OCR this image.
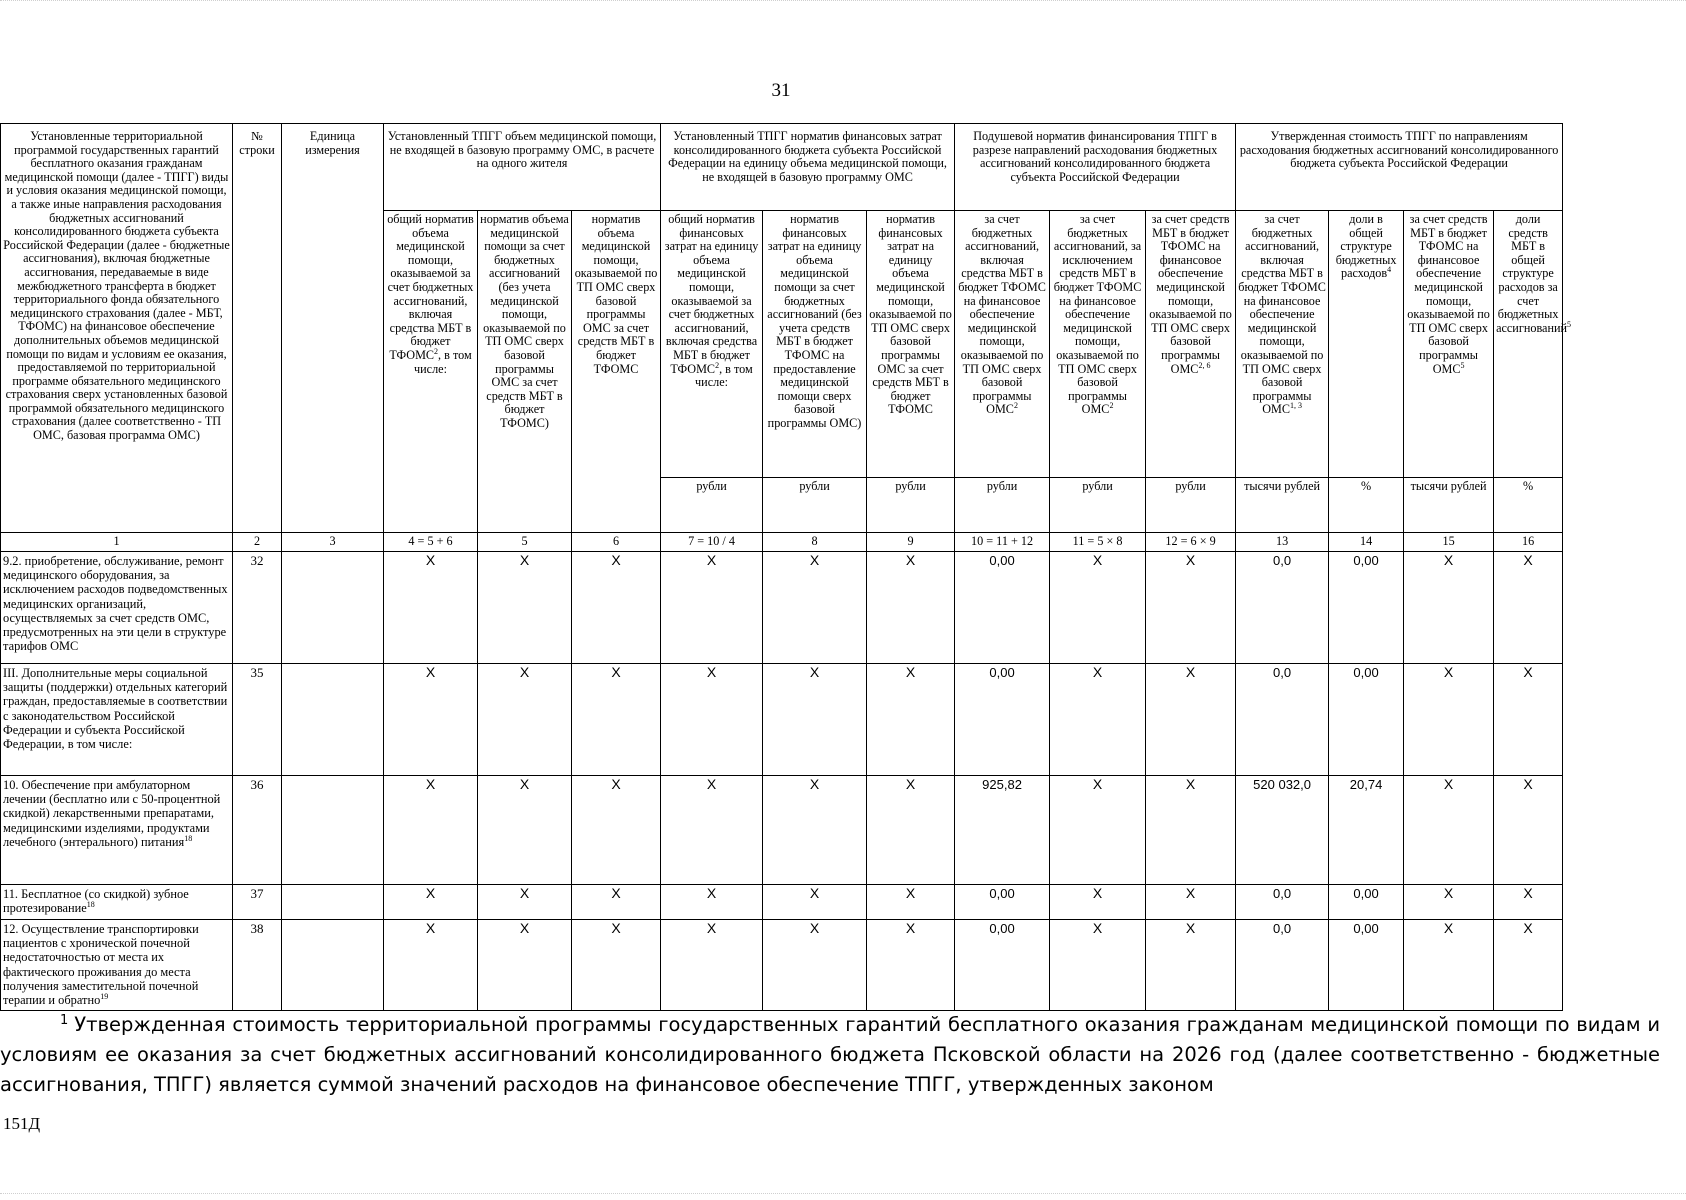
31
Установленные территориальной программой государственных гарантий бесплатного оказания гражданам медицинской помощи (далее - ТПГГ) виды и условия оказания медицинской помощи, а также иные направления расходования бюджетных ассигнований консолидированного бюджета субъекта Российской Федерации (далее - бюджетные ассигнования), включая бюджетные ассигнования, передаваемые в виде межбюджетного трансферта в бюджет территориального фонда обязательного медицинского страхования (далее - МБТ, ТФОМС) на финансовое обеспечение дополнительных объемов медицинской помощи по видам и условиям ее оказания, предоставляемой по территориальной программе обязательного медицинского страхования сверх установленных базовой программой обязательного медицинского страхования (далее соответственно - ТП ОМС, базовая программа ОМС)	№ строки	Единица измерения	Установленный ТПГГ объем медицинской помощи, не входящей в базовую программу ОМС, в расчете на одного жителя			Установленный ТПГГ норматив финансовых затрат консолидированного бюджета субъекта Российской Федерации на единицу объема медицинской помощи, не входящей в базовую программу ОМС			Подушевой норматив финансирования ТПГГ в разрезе направлений расходования бюджетных ассигнований консолидированного бюджета субъекта Российской Федерации			Утвержденная стоимость ТПГГ по направлениям расходования бюджетных ассигнований консолидированного бюджета субъекта Российской Федерации			
			общий норматив объема медицинской помощи, оказываемой за счет бюджетных ассигнований, включая средства МБТ в бюджет ТФОМС$^2$, в том числе:	норматив объема медицинской помощи за счет бюджетных ассигнований (без учета медицинской помощи, оказываемой по ТП ОМС сверх базовой программы ОМС за счет средств МБТ в бюджет ТФОМС)	норматив объема медицинской помощи, оказываемой по ТП ОМС сверх базовой программы ОМС за счет средств МБТ в бюджет ТФОМС	общий норматив финансовых затрат на единицу объема медицинской помощи, оказываемой за счет бюджетных ассигнований, включая средства МБТ в бюджет ТФОМС$^2$, в том числе:	норматив финансовых затрат на единицу объема медицинской помощи за счет бюджетных ассигнований (без учета средств МБТ в бюджет ТФОМС на предоставление медицинской помощи сверх базовой программы ОМС)	норматив финансовых затрат на единицу объема медицинской помощи, оказываемой по ТП ОМС сверх базовой программы ОМС за счет средств МБТ в бюджет ТФОМС	за счет бюджетных ассигнований, включая средства МБТ в бюджет ТФОМС на финансовое обеспечение медицинской помощи, оказываемой по ТП ОМС сверх базовой программы ОМС$^2$	за счет бюджетных ассигнований, за исключением средств МБТ в бюджет ТФОМС на финансовое обеспечение медицинской помощи, оказываемой по ТП ОМС сверх базовой программы ОМС$^2$	за счет средств МБТ в бюджет ТФОМС на финансовое обеспечение медицинской помощи, оказываемой по ТП ОМС сверх базовой программы ОМС$^{2, 6}$	за счет бюджетных ассигнований, включая средства МБТ в бюджет ТФОМС на финансовое обеспечение медицинской помощи, оказываемой по ТП ОМС сверх базовой программы ОМС$^{1, 3}$	доли в общей структуре бюджетных расходов$^4$	за счет средств МБТ в бюджет ТФОМС на финансовое обеспечение медицинской помощи, оказываемой по ТП ОМС сверх базовой программы ОМС$^5$	доли средств МБТ в общей структуре расходов за счет бюджетных ассигнований$^5$
						рубли	рубли	рубли	рубли	рубли	рубли	тысячи рублей	%	тысячи рублей	%
1	2	3	4 = 5 + 6	5	6	7 = 10 / 4	8	9	10 = 11 + 12	11 = 5 × 8	12 = 6 × 9	13	14	15	16
9.2. приобретение, обслуживание, ремонт медицинского оборудования, за исключением расходов подведомственных медицинских организаций, осуществляемых за счет средств ОМС, предусмотренных на эти цели в структуре тарифов ОМС	32		X	X	X	X	X	X	0,00	X	X	0,0	0,00	X	X
III. Дополнительные меры социальной защиты (поддержки) отдельных категорий граждан, предоставляемые в соответствии с законодательством Российской Федерации и субъекта Российской Федерации, в том числе:	35		X	X	X	X	X	X	0,00	X	X	0,0	0,00	X	X
10. Обеспечение при амбулаторном лечении (бесплатно или с 50-процентной скидкой) лекарственными препаратами, медицинскими изделиями, продуктами лечебного (энтерального) питания$^{18}$	36		X	X	X	X	X	X	925,82	X	X	520 032,0	20,74	X	X
11. Бесплатное (со скидкой) зубное протезирование$^{18}$	37		X	X	X	X	X	X	0,00	X	X	0,0	0,00	X	X
12. Осуществление транспортировки пациентов с хронической почечной недостаточностью от места их фактического проживания до места получения заместительной почечной терапии и обратно$^{19}$	38		X	X	X	X	X	X	0,00	X	X	0,0	0,00	X	X
$^1$ Утвержденная стоимость территориальной программы государственных гарантий бесплатного оказания гражданам медицинской помощи по видам и условиям ее оказания за счет бюджетных ассигнований консолидированного бюджета Псковской области на 2026 год (далее соответственно - бюджетные ассигнования, ТПГГ) является суммой значений расходов на финансовое обеспечение ТПГГ, утвержденных законом
151Д
